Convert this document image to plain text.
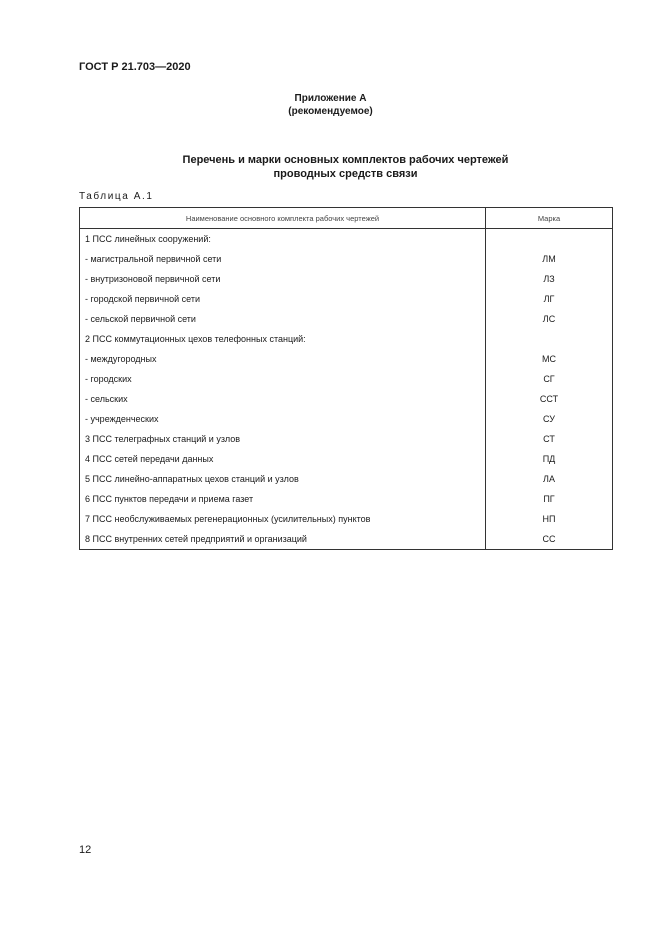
ГОСТ Р 21.703—2020
Приложение А
(рекомендуемое)
Перечень и марки основных комплектов рабочих чертежей
проводных средств связи
Таблица А.1
Наименование основного комплекта рабочих чертежей	Марка
1 ПСС линейных сооружений:	
- магистральной первичной сети	ЛМ
- внутризоновой первичной сети	ЛЗ
- городской первичной сети	ЛГ
- сельской первичной сети	ЛС
2 ПСС коммутационных цехов телефонных станций:	
- междугородных	МС
- городских	СГ
- сельских	ССТ
- учрежденческих	СУ
3 ПСС телеграфных станций и узлов	СТ
4 ПСС сетей передачи данных	ПД
5 ПСС линейно-аппаратных цехов станций и узлов	ЛА
6 ПСС пунктов передачи и приема газет	ПГ
7 ПСС необслуживаемых регенерационных (усилительных) пунктов	НП
8 ПСС внутренних сетей предприятий и организаций	СС
12
